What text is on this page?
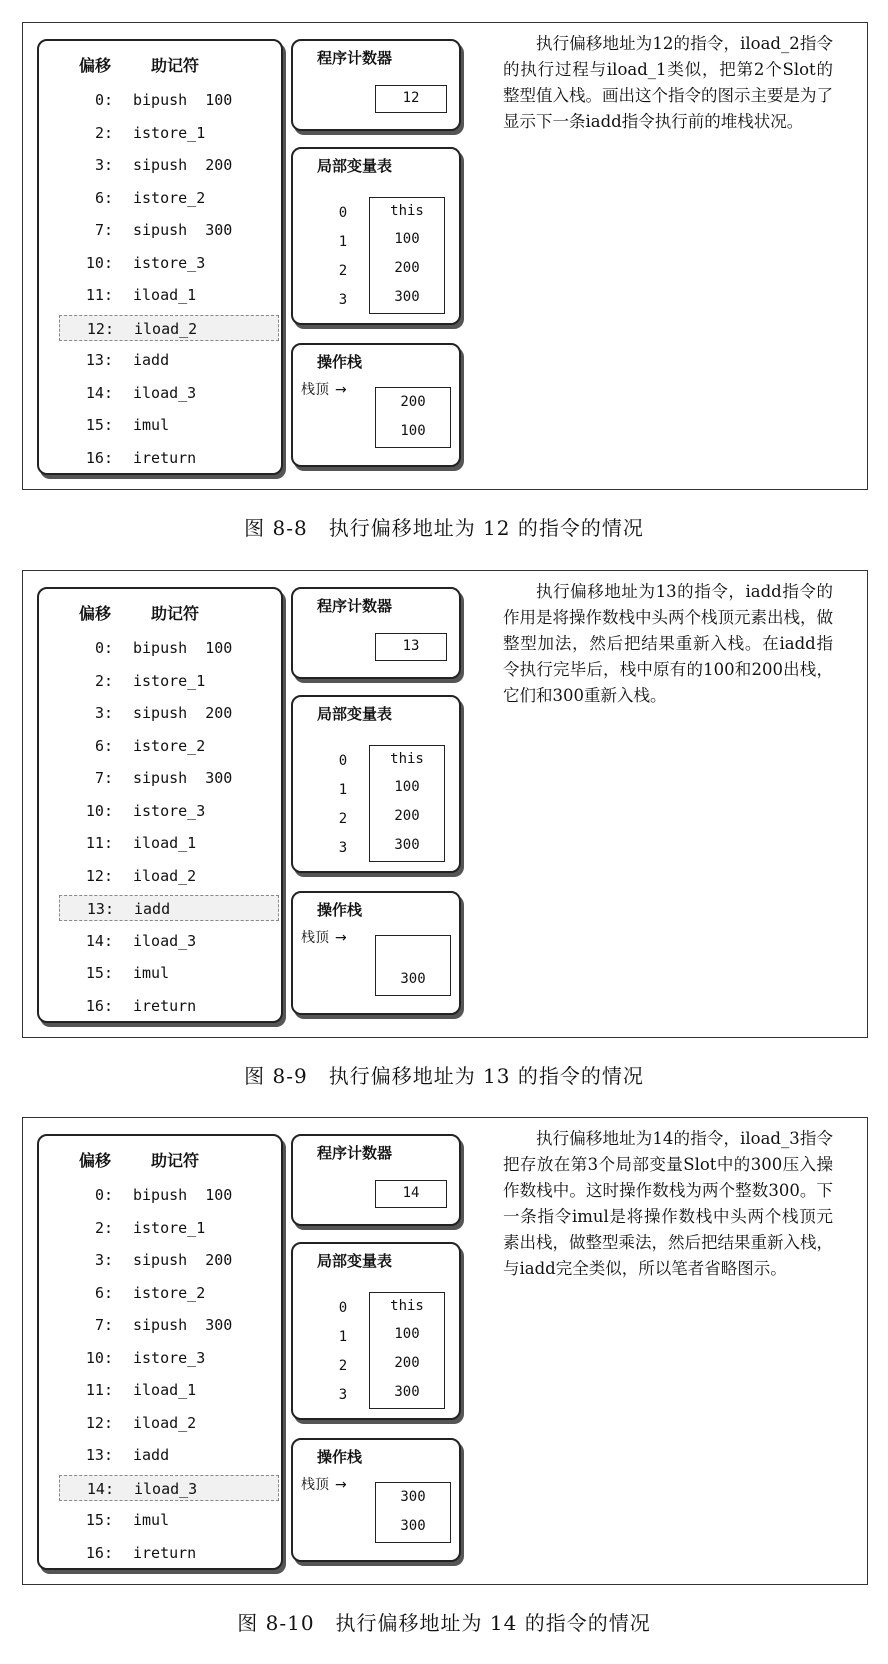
偏移 助记符
0: bipush  100
2: istore_1
3: sipush  200
6: istore_2
7: sipush  300
10: istore_3
11: iload_1
12: iload_2
13: iadd
14: iload_3
15: imul
16: ireturn
程序计数器
12
局部变量表
0	this
1	100
2	200
3	300
操作栈
栈顶 →
200
100
执行偏移地址为12的指令，iload_2指令的执行过程与iload_1类似，把第2个Slot的整型值入栈。画出这个指令的图示主要是为了显示下一条iadd指令执行前的堆栈状况。
图 8-8　执行偏移地址为 12 的指令的情况
偏移 助记符
0: bipush  100
2: istore_1
3: sipush  200
6: istore_2
7: sipush  300
10: istore_3
11: iload_1
12: iload_2
13: iadd
14: iload_3
15: imul
16: ireturn
程序计数器
13
局部变量表
0	this
1	100
2	200
3	300
操作栈
栈顶 →
300
执行偏移地址为13的指令，iadd指令的作用是将操作数栈中头两个栈顶元素出栈，做整型加法，然后把结果重新入栈。在iadd指令执行完毕后，栈中原有的100和200出栈，它们和300重新入栈。
图 8-9　执行偏移地址为 13 的指令的情况
偏移 助记符
0: bipush  100
2: istore_1
3: sipush  200
6: istore_2
7: sipush  300
10: istore_3
11: iload_1
12: iload_2
13: iadd
14: iload_3
15: imul
16: ireturn
程序计数器
14
局部变量表
0	this
1	100
2	200
3	300
操作栈
栈顶 →
300
300
执行偏移地址为14的指令，iload_3指令把存放在第3个局部变量Slot中的300压入操作数栈中。这时操作数栈为两个整数300。下一条指令imul是将操作数栈中头两个栈顶元素出栈，做整型乘法，然后把结果重新入栈，与iadd完全类似，所以笔者省略图示。
图 8-10　执行偏移地址为 14 的指令的情况
